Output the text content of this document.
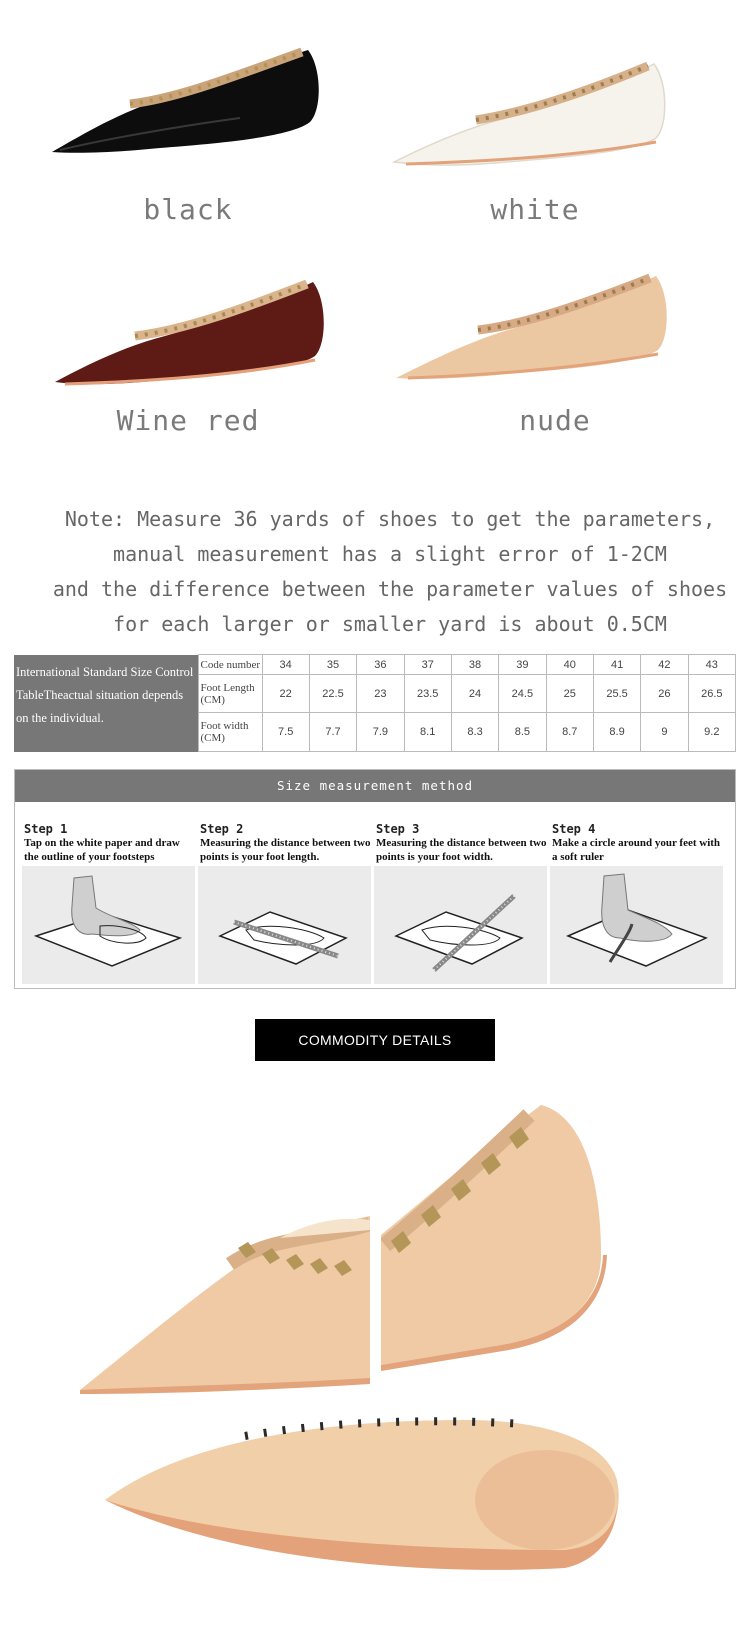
black	white
Wine red	nude
Note: Measure 36 yards of shoes to get the parameters,
manual measurement has a slight error of 1-2CM
and the difference between the parameter values of shoes
for each larger or smaller yard is about 0.5CM
International Standard Size Control TableTheactual situation depends on the individual.	Code number	34	35	36	37	38	39	40	41	42	43
	Foot Length (CM)	22	22.5	23	23.5	24	24.5	25	25.5	26	26.5
	Foot width (CM)	7.5	7.7	7.9	8.1	8.3	8.5	8.7	8.9	9	9.2
Size measurement method
Step 1
Tap on the white paper and draw the outline of your footsteps
Step 2
Measuring the distance between two points is your foot length.
Step 3
Measuring the distance between two points is your foot width.
Step 4
Make a circle around your feet with a soft ruler
COMMODITY DETAILS
